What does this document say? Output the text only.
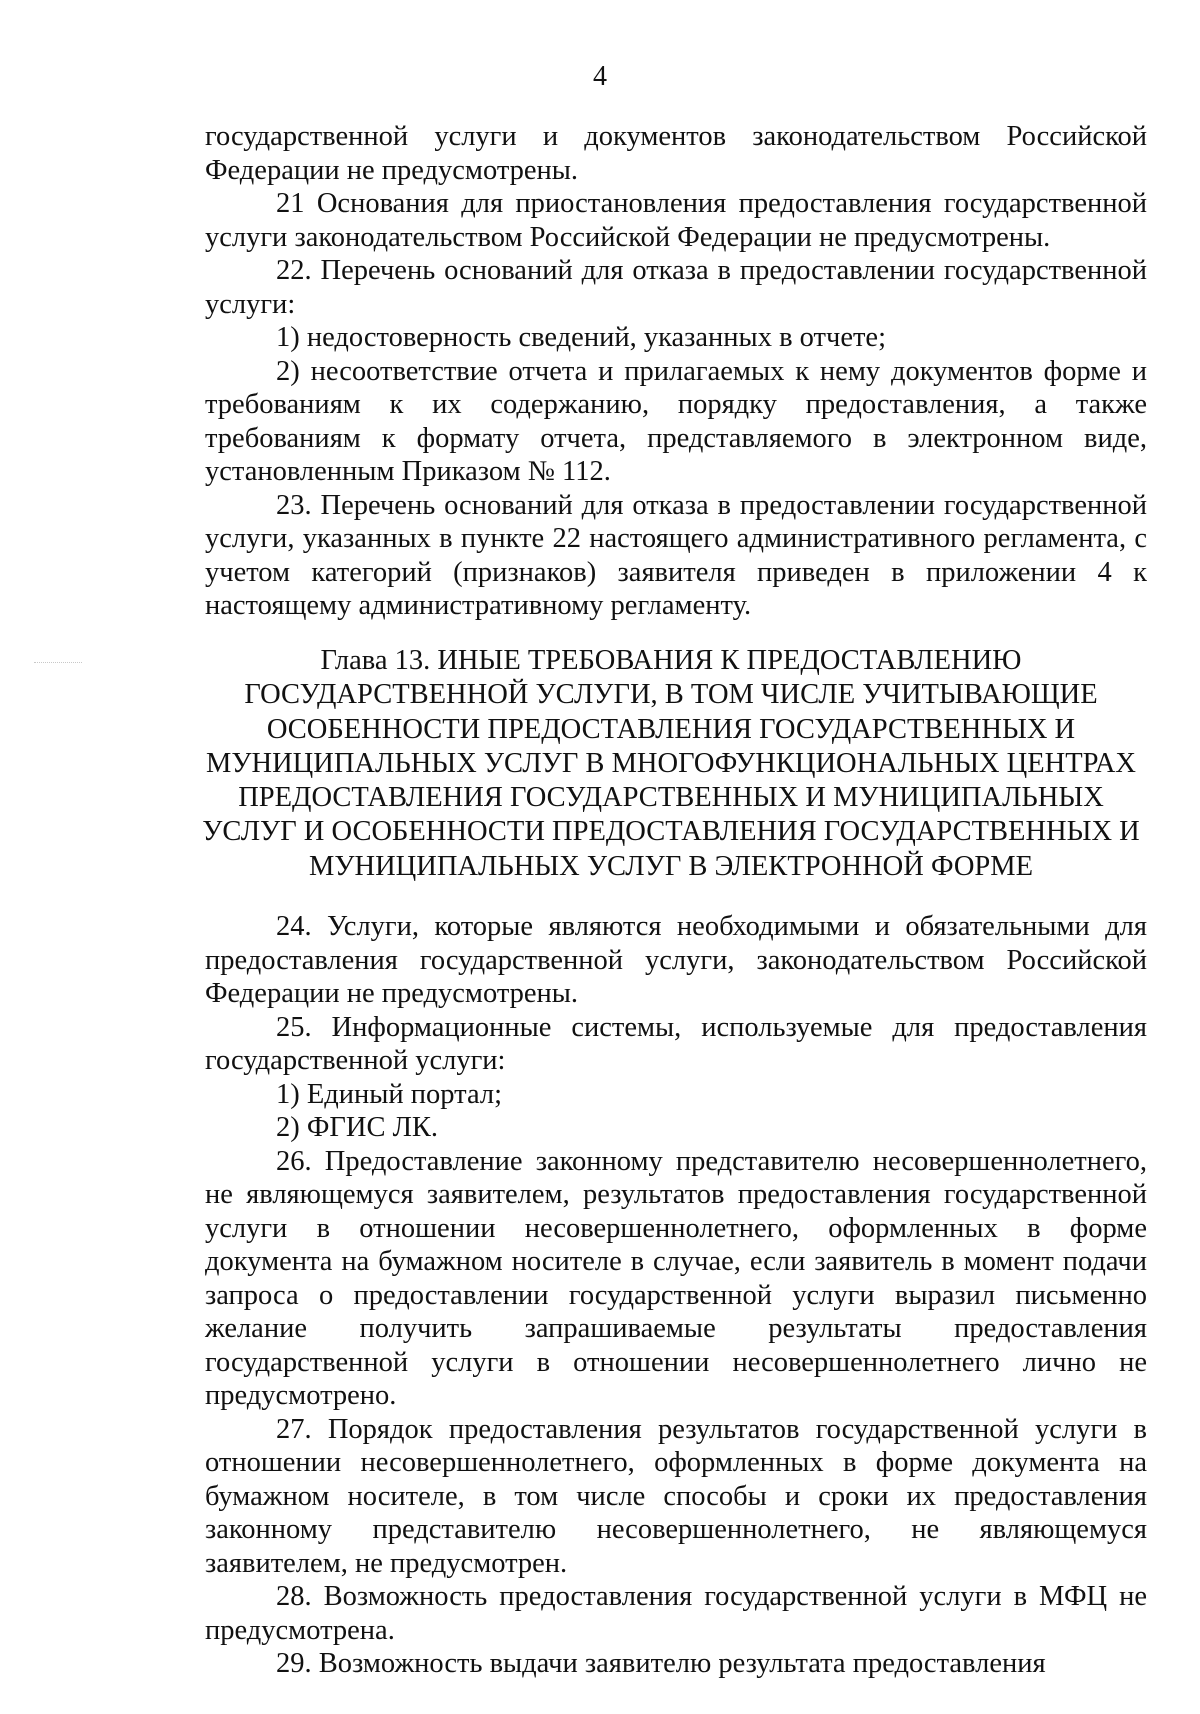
4

государственной услуги и документов законодательством Российской Федерации не предусмотрены.

21 Основания для приостановления предоставления государственной услуги законодательством Российской Федерации не предусмотрены.

22. Перечень оснований для отказа в предоставлении государственной услуги:

1) недостоверность сведений, указанных в отчете;

2) несоответствие отчета и прилагаемых к нему документов форме и требованиям к их содержанию, порядку предоставления, а также требованиям к формату отчета, представляемого в электронном виде, установленным Приказом № 112.

23. Перечень оснований для отказа в предоставлении государственной услуги, указанных в пункте 22 настоящего административного регламента, с учетом категорий (признаков) заявителя приведен в приложении 4 к настоящему административному регламенту.

Глава 13. ИНЫЕ ТРЕБОВАНИЯ К ПРЕДОСТАВЛЕНИЮ
ГОСУДАРСТВЕННОЙ УСЛУГИ, В ТОМ ЧИСЛЕ УЧИТЫВАЮЩИЕ
ОСОБЕННОСТИ ПРЕДОСТАВЛЕНИЯ ГОСУДАРСТВЕННЫХ И
МУНИЦИПАЛЬНЫХ УСЛУГ В МНОГОФУНКЦИОНАЛЬНЫХ ЦЕНТРАХ
ПРЕДОСТАВЛЕНИЯ ГОСУДАРСТВЕННЫХ И МУНИЦИПАЛЬНЫХ
УСЛУГ И ОСОБЕННОСТИ ПРЕДОСТАВЛЕНИЯ ГОСУДАРСТВЕННЫХ И
МУНИЦИПАЛЬНЫХ УСЛУГ В ЭЛЕКТРОННОЙ ФОРМЕ

24. Услуги, которые являются необходимыми и обязательными для предоставления государственной услуги, законодательством Российской Федерации не предусмотрены.

25. Информационные системы, используемые для предоставления государственной услуги:

1) Единый портал;

2) ФГИС ЛК.

26. Предоставление законному представителю несовершеннолетнего, не являющемуся заявителем, результатов предоставления государственной услуги в отношении несовершеннолетнего, оформленных в форме документа на бумажном носителе в случае, если заявитель в момент подачи запроса о предоставлении государственной услуги выразил письменно желание получить запрашиваемые результаты предоставления государственной услуги в отношении несовершеннолетнего лично не предусмотрено.

27. Порядок предоставления результатов государственной услуги в отношении несовершеннолетнего, оформленных в форме документа на бумажном носителе, в том числе способы и сроки их предоставления законному представителю несовершеннолетнего, не являющемуся заявителем, не предусмотрен.

28. Возможность предоставления государственной услуги в МФЦ не предусмотрена.

29. Возможность выдачи заявителю результата предоставления
